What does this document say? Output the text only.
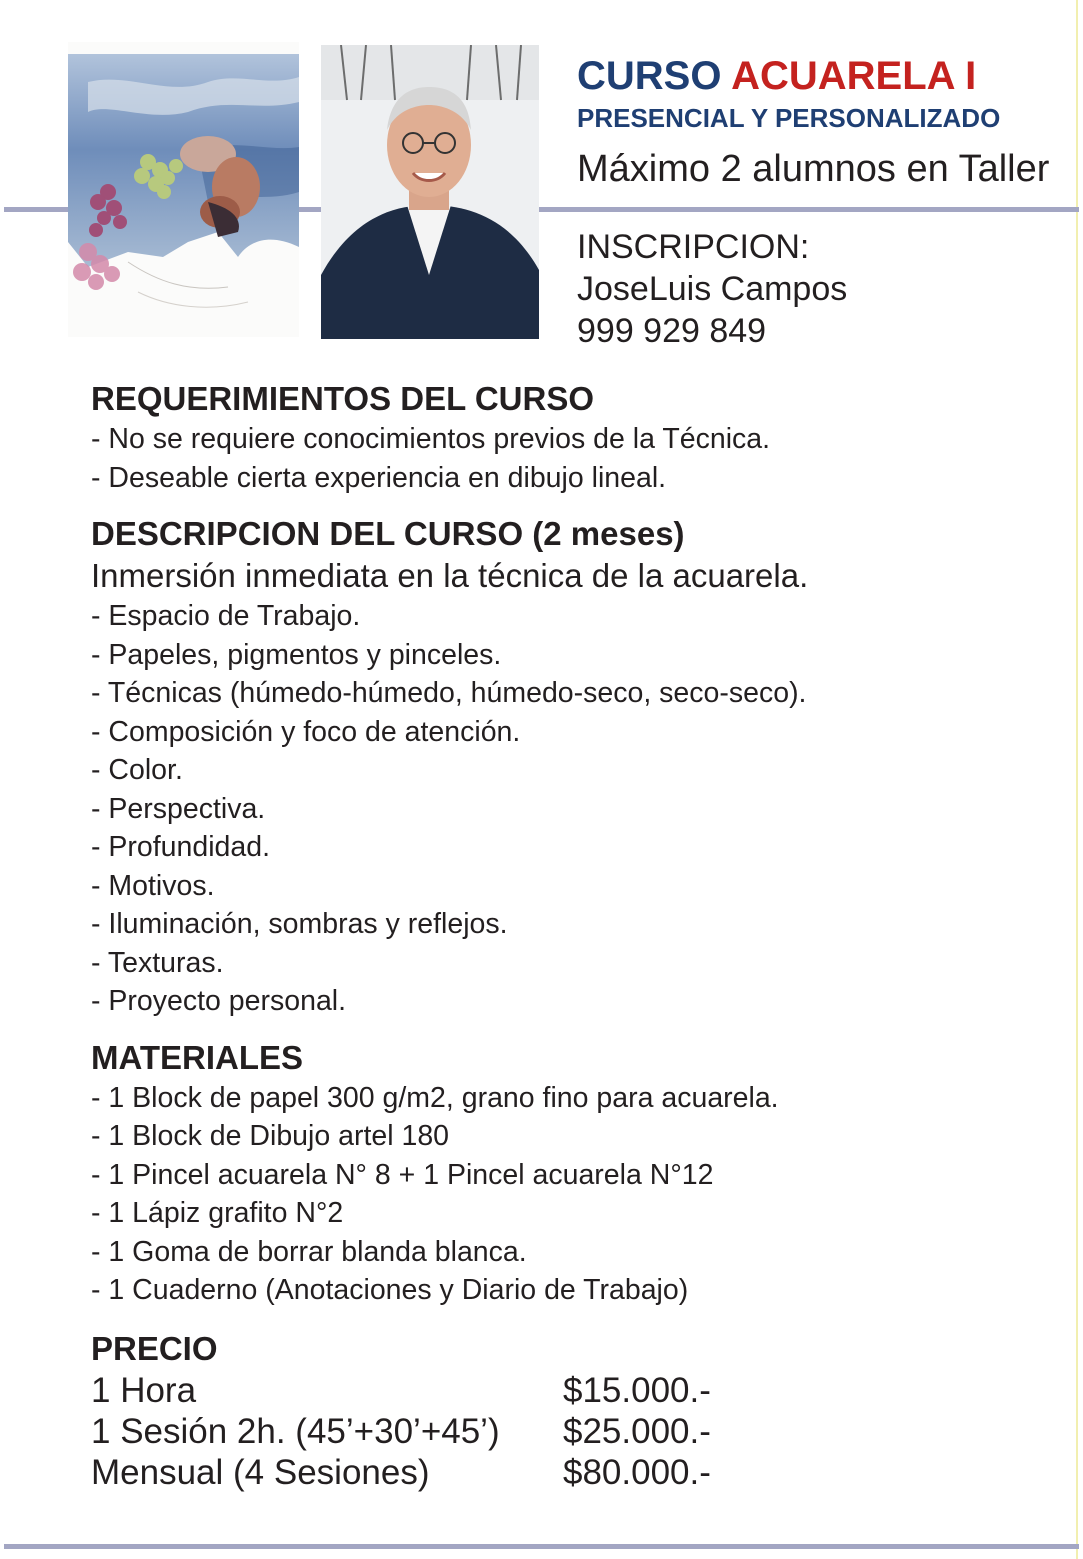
CURSO ACUARELA I

PRESENCIAL Y PERSONALIZADO

Máximo 2 alumnos en Taller

INSCRIPCION:
JoseLuis Campos
999 929 849
REQUERIMIENTOS DEL CURSO
- No se requiere conocimientos previos de la Técnica.
- Deseable cierta experiencia en dibujo lineal.
DESCRIPCION DEL CURSO (2 meses)
Inmersión inmediata en la técnica de la acuarela.
- Espacio de Trabajo.
- Papeles, pigmentos y pinceles.
- Técnicas (húmedo-húmedo, húmedo-seco, seco-seco).
- Composición y foco de atención.
- Color.
- Perspectiva.
- Profundidad.
- Motivos.
- Iluminación, sombras y reflejos.
- Texturas.
- Proyecto personal.
MATERIALES
- 1 Block de papel 300 g/m2, grano fino para acuarela.
- 1 Block de Dibujo artel 180
- 1 Pincel acuarela N° 8 + 1 Pincel acuarela N°12
- 1 Lápiz grafito N°2
- 1 Goma de borrar blanda blanca.
- 1 Cuaderno (Anotaciones y Diario de Trabajo)
PRECIO
1 Hora	$15.000.-
1 Sesión 2h. (45’+30’+45’)	$25.000.-
Mensual (4 Sesiones)	$80.000.-
